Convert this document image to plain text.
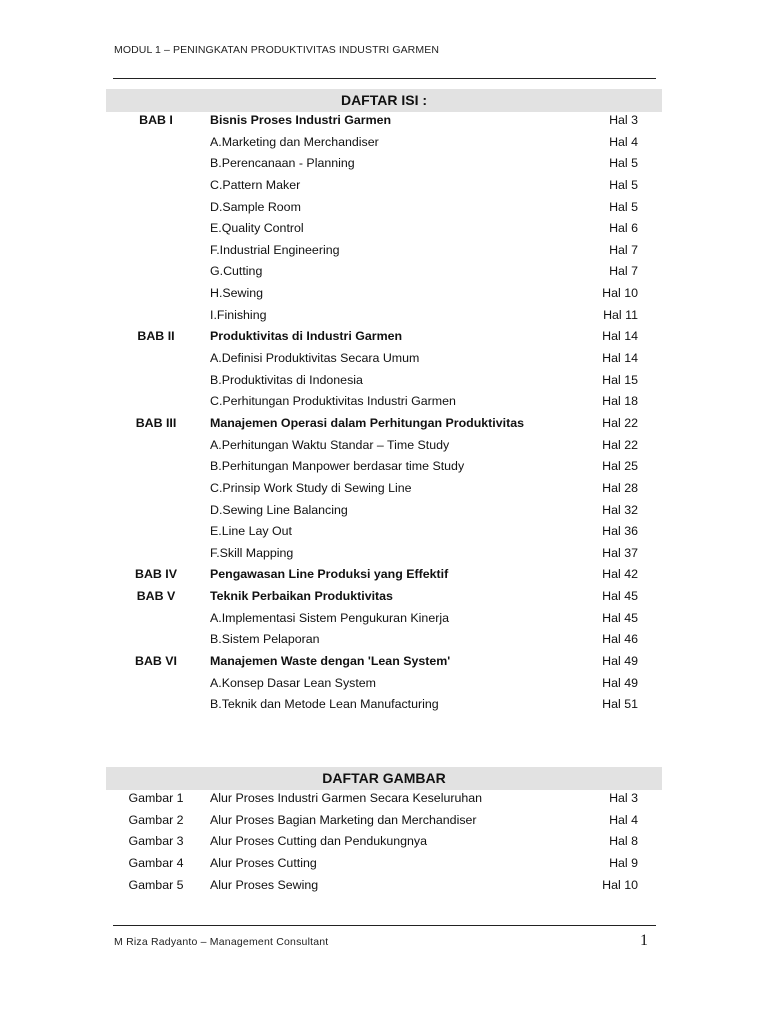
MODUL 1 – PENINGKATAN PRODUKTIVITAS INDUSTRI GARMEN
DAFTAR ISI :
BAB I	Bisnis Proses Industri Garmen	Hal 3
A.Marketing dan Merchandiser	Hal 4
B.Perencanaan - Planning	Hal 5
C.Pattern Maker	Hal 5
D.Sample Room	Hal 5
E.Quality Control	Hal 6
F.Industrial Engineering	Hal 7
G.Cutting	Hal 7
H.Sewing	Hal 10
I.Finishing	Hal 11
BAB II	Produktivitas di Industri Garmen	Hal 14
A.Definisi Produktivitas Secara Umum	Hal 14
B.Produktivitas di Indonesia	Hal 15
C.Perhitungan Produktivitas Industri Garmen	Hal 18
BAB III	Manajemen Operasi dalam Perhitungan Produktivitas	Hal 22
A.Perhitungan Waktu Standar – Time Study	Hal 22
B.Perhitungan Manpower berdasar time Study	Hal 25
C.Prinsip Work Study di Sewing Line	Hal 28
D.Sewing Line Balancing	Hal 32
E.Line Lay Out	Hal 36
F.Skill Mapping	Hal 37
BAB IV	Pengawasan Line Produksi yang Effektif	Hal 42
BAB V	Teknik Perbaikan Produktivitas	Hal 45
A.Implementasi Sistem Pengukuran Kinerja	Hal 45
B.Sistem Pelaporan	Hal 46
BAB VI	Manajemen Waste dengan 'Lean System'	Hal 49
A.Konsep Dasar Lean System	Hal 49
B.Teknik dan Metode Lean Manufacturing	Hal 51
DAFTAR GAMBAR
Gambar 1	Alur Proses Industri Garmen Secara Keseluruhan	Hal 3
Gambar 2	Alur Proses Bagian Marketing dan Merchandiser	Hal 4
Gambar 3	Alur Proses Cutting dan Pendukungnya	Hal 8
Gambar 4	Alur Proses Cutting	Hal 9
Gambar 5	Alur Proses Sewing	Hal 10
M Riza Radyanto – Management Consultant	1
